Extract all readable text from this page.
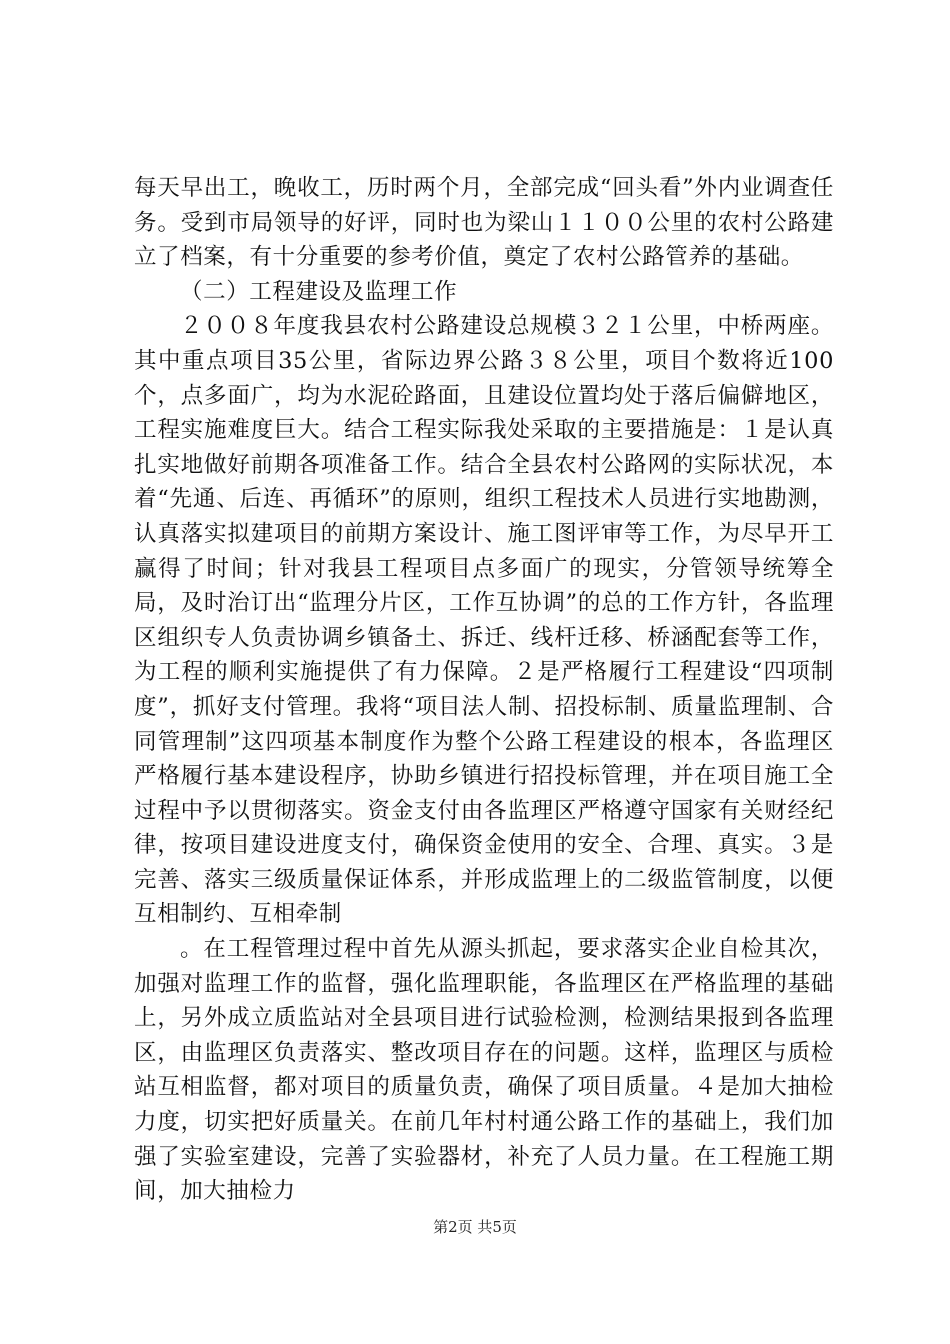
每天早出工，晚收工，历时两个月，全部完成“回头看”外内业调查任务。受到市局领导的好评，同时也为梁山１１００公里的农村公路建立了档案，有十分重要的参考价值，奠定了农村公路管养的基础。

（二）工程建设及监理工作

２００８年度我县农村公路建设总规模３２１公里，中桥两座。其中重点项目35公里，省际边界公路３８公里，项目个数将近100个，点多面广，均为水泥砼路面，且建设位置均处于落后偏僻地区，工程实施难度巨大。结合工程实际我处采取的主要措施是：１是认真扎实地做好前期各项准备工作。结合全县农村公路网的实际状况，本着“先通、后连、再循环”的原则，组织工程技术人员进行实地勘测，认真落实拟建项目的前期方案设计、施工图评审等工作，为尽早开工赢得了时间；针对我县工程项目点多面广的现实，分管领导统筹全局，及时治订出“监理分片区，工作互协调”的总的工作方针，各监理区组织专人负责协调乡镇备土、拆迁、线杆迁移、桥涵配套等工作，为工程的顺利实施提供了有力保障。２是严格履行工程建设“四项制度”，抓好支付管理。我将“项目法人制、招投标制、质量监理制、合同管理制”这四项基本制度作为整个公路工程建设的根本，各监理区严格履行基本建设程序，协助乡镇进行招投标管理，并在项目施工全过程中予以贯彻落实。资金支付由各监理区严格遵守国家有关财经纪律，按项目建设进度支付，确保资金使用的安全、合理、真实。３是完善、落实三级质量保证体系，并形成监理上的二级监管制度，以便互相制约、互相牵制

。在工程管理过程中首先从源头抓起，要求落实企业自检其次，加强对监理工作的监督，强化监理职能，各监理区在严格监理的基础上，另外成立质监站对全县项目进行试验检测，检测结果报到各监理区，由监理区负责落实、整改项目存在的问题。这样，监理区与质检站互相监督，都对项目的质量负责，确保了项目质量。４是加大抽检力度，切实把好质量关。在前几年村村通公路工作的基础上，我们加强了实验室建设，完善了实验器材，补充了人员力量。在工程施工期间，加大抽检力

第2页 共5页
